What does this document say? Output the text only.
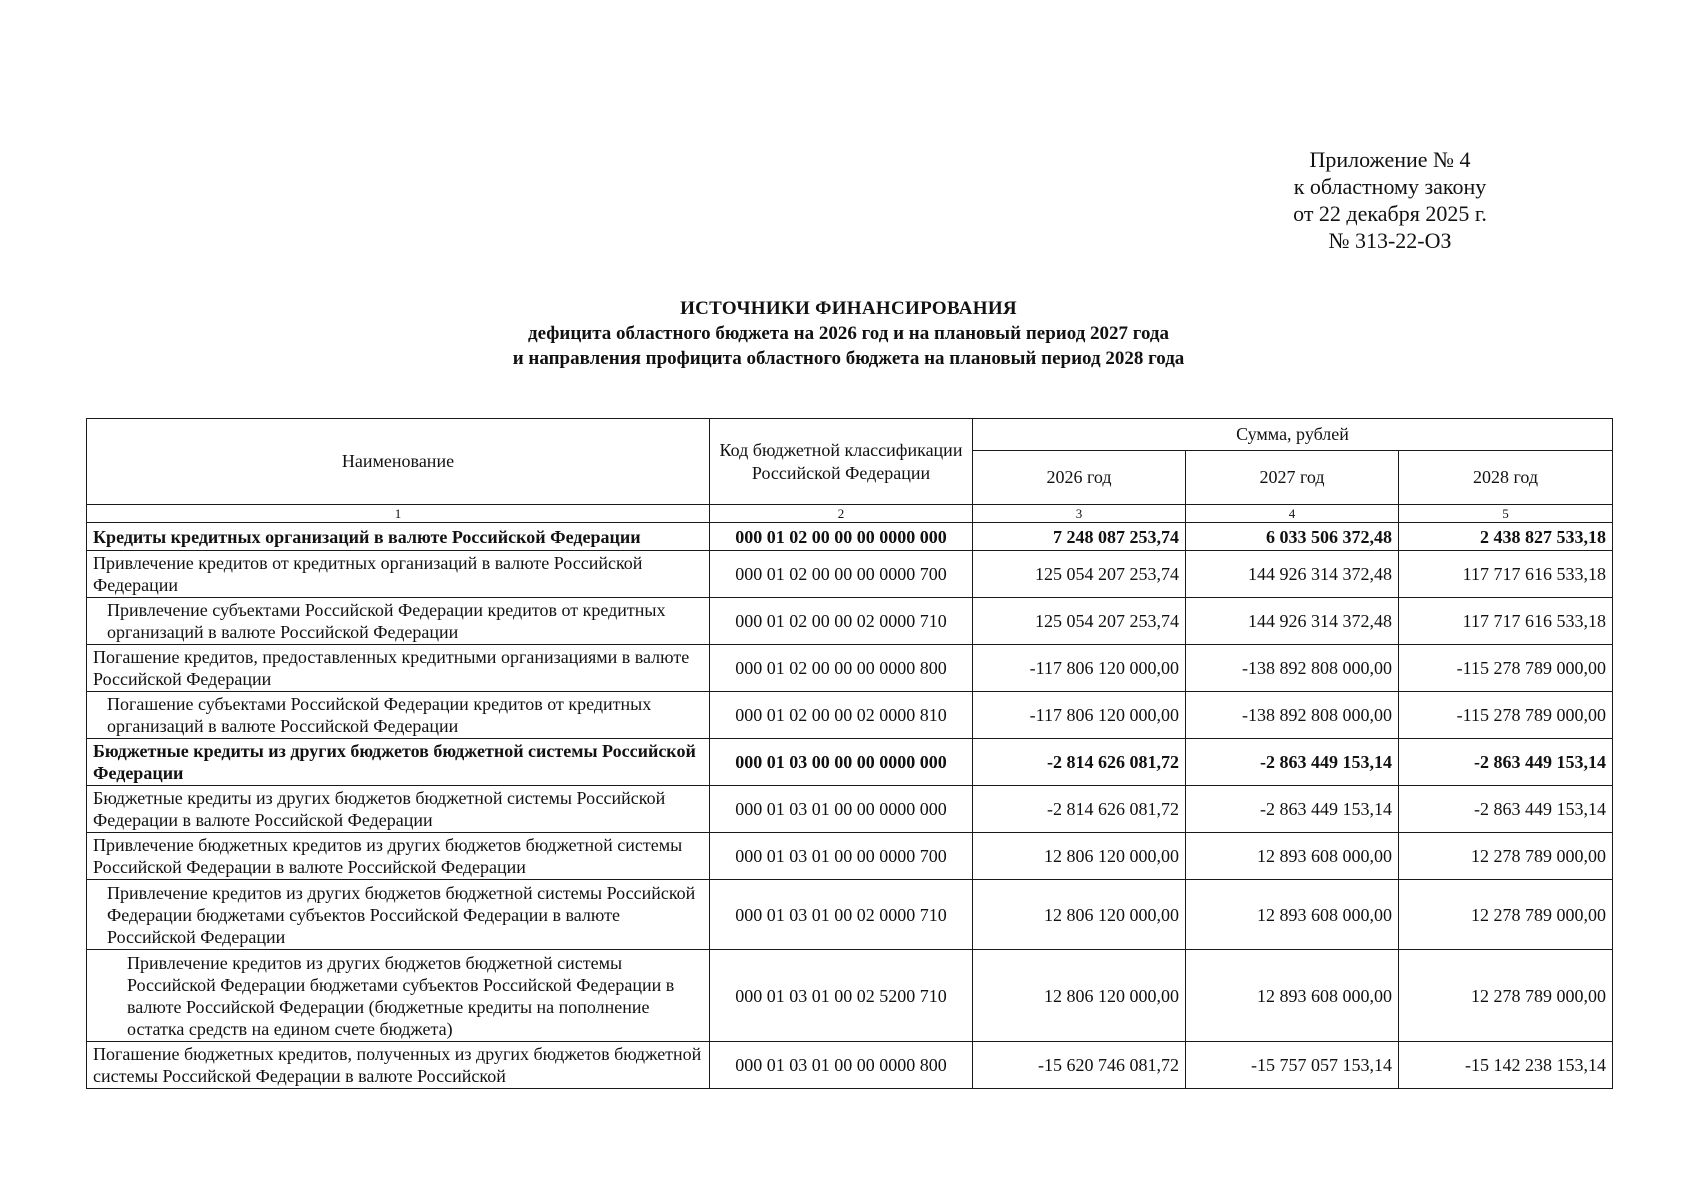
Приложение № 4
к областному закону
от 22 декабря 2025 г.
№ 313-22-ОЗ
ИСТОЧНИКИ ФИНАНСИРОВАНИЯ
дефицита областного бюджета на 2026 год и на плановый период 2027 года
и направления профицита областного бюджета на плановый период 2028 года
Наименование	Код бюджетной классификации Российской Федерации	Сумма, рублей		
		2026 год	2027 год	2028 год
1	2	3	4	5
Кредиты кредитных организаций в валюте Российской Федерации	000 01 02 00 00 00 0000 000	7 248 087 253,74	6 033 506 372,48	2 438 827 533,18
Привлечение кредитов от кредитных организаций в валюте Российской Федерации	000 01 02 00 00 00 0000 700	125 054 207 253,74	144 926 314 372,48	117 717 616 533,18
Привлечение субъектами Российской Федерации кредитов от кредитных организаций в валюте Российской Федерации	000 01 02 00 00 02 0000 710	125 054 207 253,74	144 926 314 372,48	117 717 616 533,18
Погашение кредитов, предоставленных кредитными организациями в валюте Российской Федерации	000 01 02 00 00 00 0000 800	-117 806 120 000,00	-138 892 808 000,00	-115 278 789 000,00
Погашение субъектами Российской Федерации кредитов от кредитных организаций в валюте Российской Федерации	000 01 02 00 00 02 0000 810	-117 806 120 000,00	-138 892 808 000,00	-115 278 789 000,00
Бюджетные кредиты из других бюджетов бюджетной системы Российской Федерации	000 01 03 00 00 00 0000 000	-2 814 626 081,72	-2 863 449 153,14	-2 863 449 153,14
Бюджетные кредиты из других бюджетов бюджетной системы Российской Федерации в валюте Российской Федерации	000 01 03 01 00 00 0000 000	-2 814 626 081,72	-2 863 449 153,14	-2 863 449 153,14
Привлечение бюджетных кредитов из других бюджетов бюджетной системы Российской Федерации в валюте Российской Федерации	000 01 03 01 00 00 0000 700	12 806 120 000,00	12 893 608 000,00	12 278 789 000,00
Привлечение кредитов из других бюджетов бюджетной системы Российской Федерации бюджетами субъектов Российской Федерации в валюте Российской Федерации	000 01 03 01 00 02 0000 710	12 806 120 000,00	12 893 608 000,00	12 278 789 000,00
Привлечение кредитов из других бюджетов бюджетной системы Российской Федерации бюджетами субъектов Российской Федерации в валюте Российской Федерации (бюджетные кредиты на пополнение остатка средств на едином счете бюджета)	000 01 03 01 00 02 5200 710	12 806 120 000,00	12 893 608 000,00	12 278 789 000,00
Погашение бюджетных кредитов, полученных из других бюджетов бюджетной системы Российской Федерации в валюте Российской	000 01 03 01 00 00 0000 800	-15 620 746 081,72	-15 757 057 153,14	-15 142 238 153,14
